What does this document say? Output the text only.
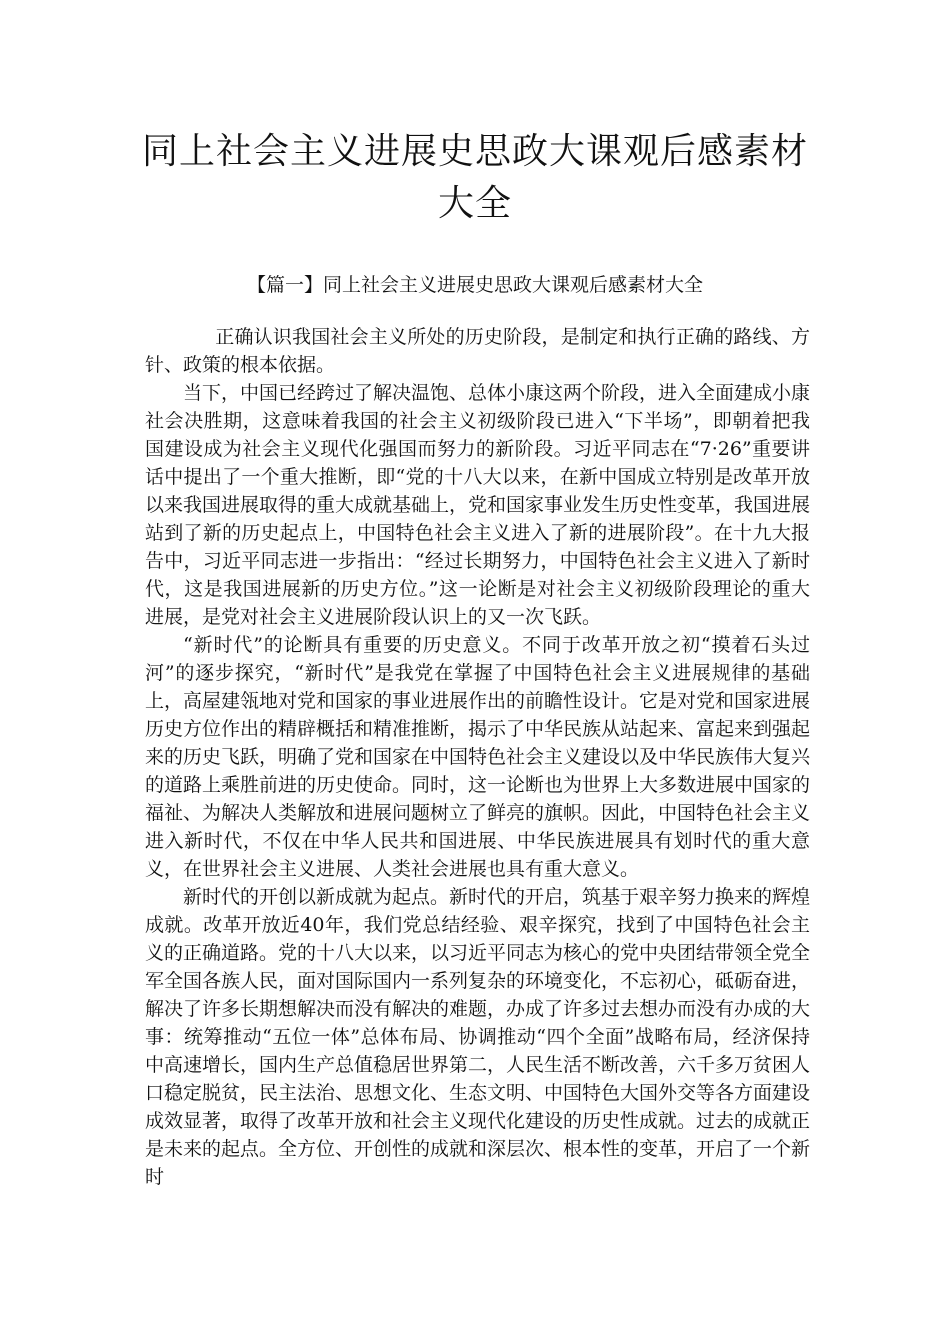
同上社会主义进展史思政大课观后感素材
大全
【篇一】同上社会主义进展史思政大课观后感素材大全

正确认识我国社会主义所处的历史阶段，是制定和执行正确的路线、方针、政策的根本依据。

当下，中国已经跨过了解决温饱、总体小康这两个阶段，进入全面建成小康社会决胜期，这意味着我国的社会主义初级阶段已进入“下半场”，即朝着把我国建设成为社会主义现代化强国而努力的新阶段。习近平同志在“7·26”重要讲话中提出了一个重大推断，即“党的十八大以来，在新中国成立特别是改革开放以来我国进展取得的重大成就基础上，党和国家事业发生历史性变革，我国进展站到了新的历史起点上，中国特色社会主义进入了新的进展阶段”。在十九大报告中，习近平同志进一步指出：“经过长期努力，中国特色社会主义进入了新时代，这是我国进展新的历史方位。”这一论断是对社会主义初级阶段理论的重大进展，是党对社会主义进展阶段认识上的又一次飞跃。

“新时代”的论断具有重要的历史意义。不同于改革开放之初“摸着石头过河”的逐步探究，“新时代”是我党在掌握了中国特色社会主义进展规律的基础上，高屋建瓴地对党和国家的事业进展作出的前瞻性设计。它是对党和国家进展历史方位作出的精辟概括和精准推断，揭示了中华民族从站起来、富起来到强起来的历史飞跃，明确了党和国家在中国特色社会主义建设以及中华民族伟大复兴的道路上乘胜前进的历史使命。同时，这一论断也为世界上大多数进展中国家的福祉、为解决人类解放和进展问题树立了鲜亮的旗帜。因此，中国特色社会主义进入新时代，不仅在中华人民共和国进展、中华民族进展具有划时代的重大意义，在世界社会主义进展、人类社会进展也具有重大意义。

新时代的开创以新成就为起点。新时代的开启，筑基于艰辛努力换来的辉煌成就。改革开放近40年，我们党总结经验、艰辛探究，找到了中国特色社会主义的正确道路。党的十八大以来，以习近平同志为核心的党中央团结带领全党全军全国各族人民，面对国际国内一系列复杂的环境变化，不忘初心，砥砺奋进，解决了许多长期想解决而没有解决的难题，办成了许多过去想办而没有办成的大事：统筹推动“五位一体”总体布局、协调推动“四个全面”战略布局，经济保持中高速增长，国内生产总值稳居世界第二，人民生活不断改善，六千多万贫困人口稳定脱贫，民主法治、思想文化、生态文明、中国特色大国外交等各方面建设成效显著，取得了改革开放和社会主义现代化建设的历史性成就。过去的成就正是未来的起点。全方位、开创性的成就和深层次、根本性的变革，开启了一个新时
